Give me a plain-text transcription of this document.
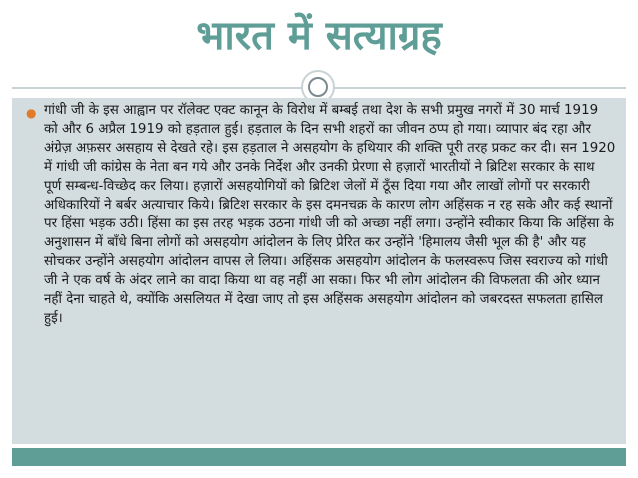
भारत में सत्याग्रह
● गांधी जी के इस आह्वान पर रॉलेक्ट एक्ट कानून के विरोध में बम्बई तथा देश के सभी प्रमुख नगरों में 30 मार्च 1919 को और 6 अप्रैल 1919 को हड़ताल हुई। हड़ताल के दिन सभी शहरों का जीवन ठप्प हो गया। व्यापार बंद रहा और अंग्रेज़ अफ़सर असहाय से देखते रहे। इस हड़ताल ने असहयोग के हथियार की शक्ति पूरी तरह प्रकट कर दी। सन 1920 में गांधी जी कांग्रेस के नेता बन गये और उनके निर्देश और उनकी प्रेरणा से हज़ारों भारतीयों ने ब्रिटिश सरकार के साथ पूर्ण सम्बन्ध-विच्छेद कर लिया। हज़ारों असहयोगियों को ब्रिटिश जेलों में ठूँस दिया गया और लाखों लोगों पर सरकारी अधिकारियों ने बर्बर अत्याचार किये। ब्रिटिश सरकार के इस दमनचक्र के कारण लोग अहिंसक न रह सके और कई स्थानों पर हिंसा भड़क उठी। हिंसा का इस तरह भड़क उठना गांधी जी को अच्छा नहीं लगा। उन्होंने स्वीकार किया कि अहिंसा के अनुशासन में बाँधे बिना लोगों को असहयोग आंदोलन के लिए प्रेरित कर उन्होंने 'हिमालय जैसी भूल की है' और यह सोचकर उन्होंने असहयोग आंदोलन वापस ले लिया। अहिंसक असहयोग आंदोलन के फलस्वरूप जिस स्वराज्य को गांधी जी ने एक वर्ष के अंदर लाने का वादा किया था वह नहीं आ सका। फिर भी लोग आंदोलन की विफलता की ओर ध्यान नहीं देना चाहते थे, क्योंकि असलियत में देखा जाए तो इस अहिंसक असहयोग आंदोलन को जबरदस्त सफलता हासिल हुई।
